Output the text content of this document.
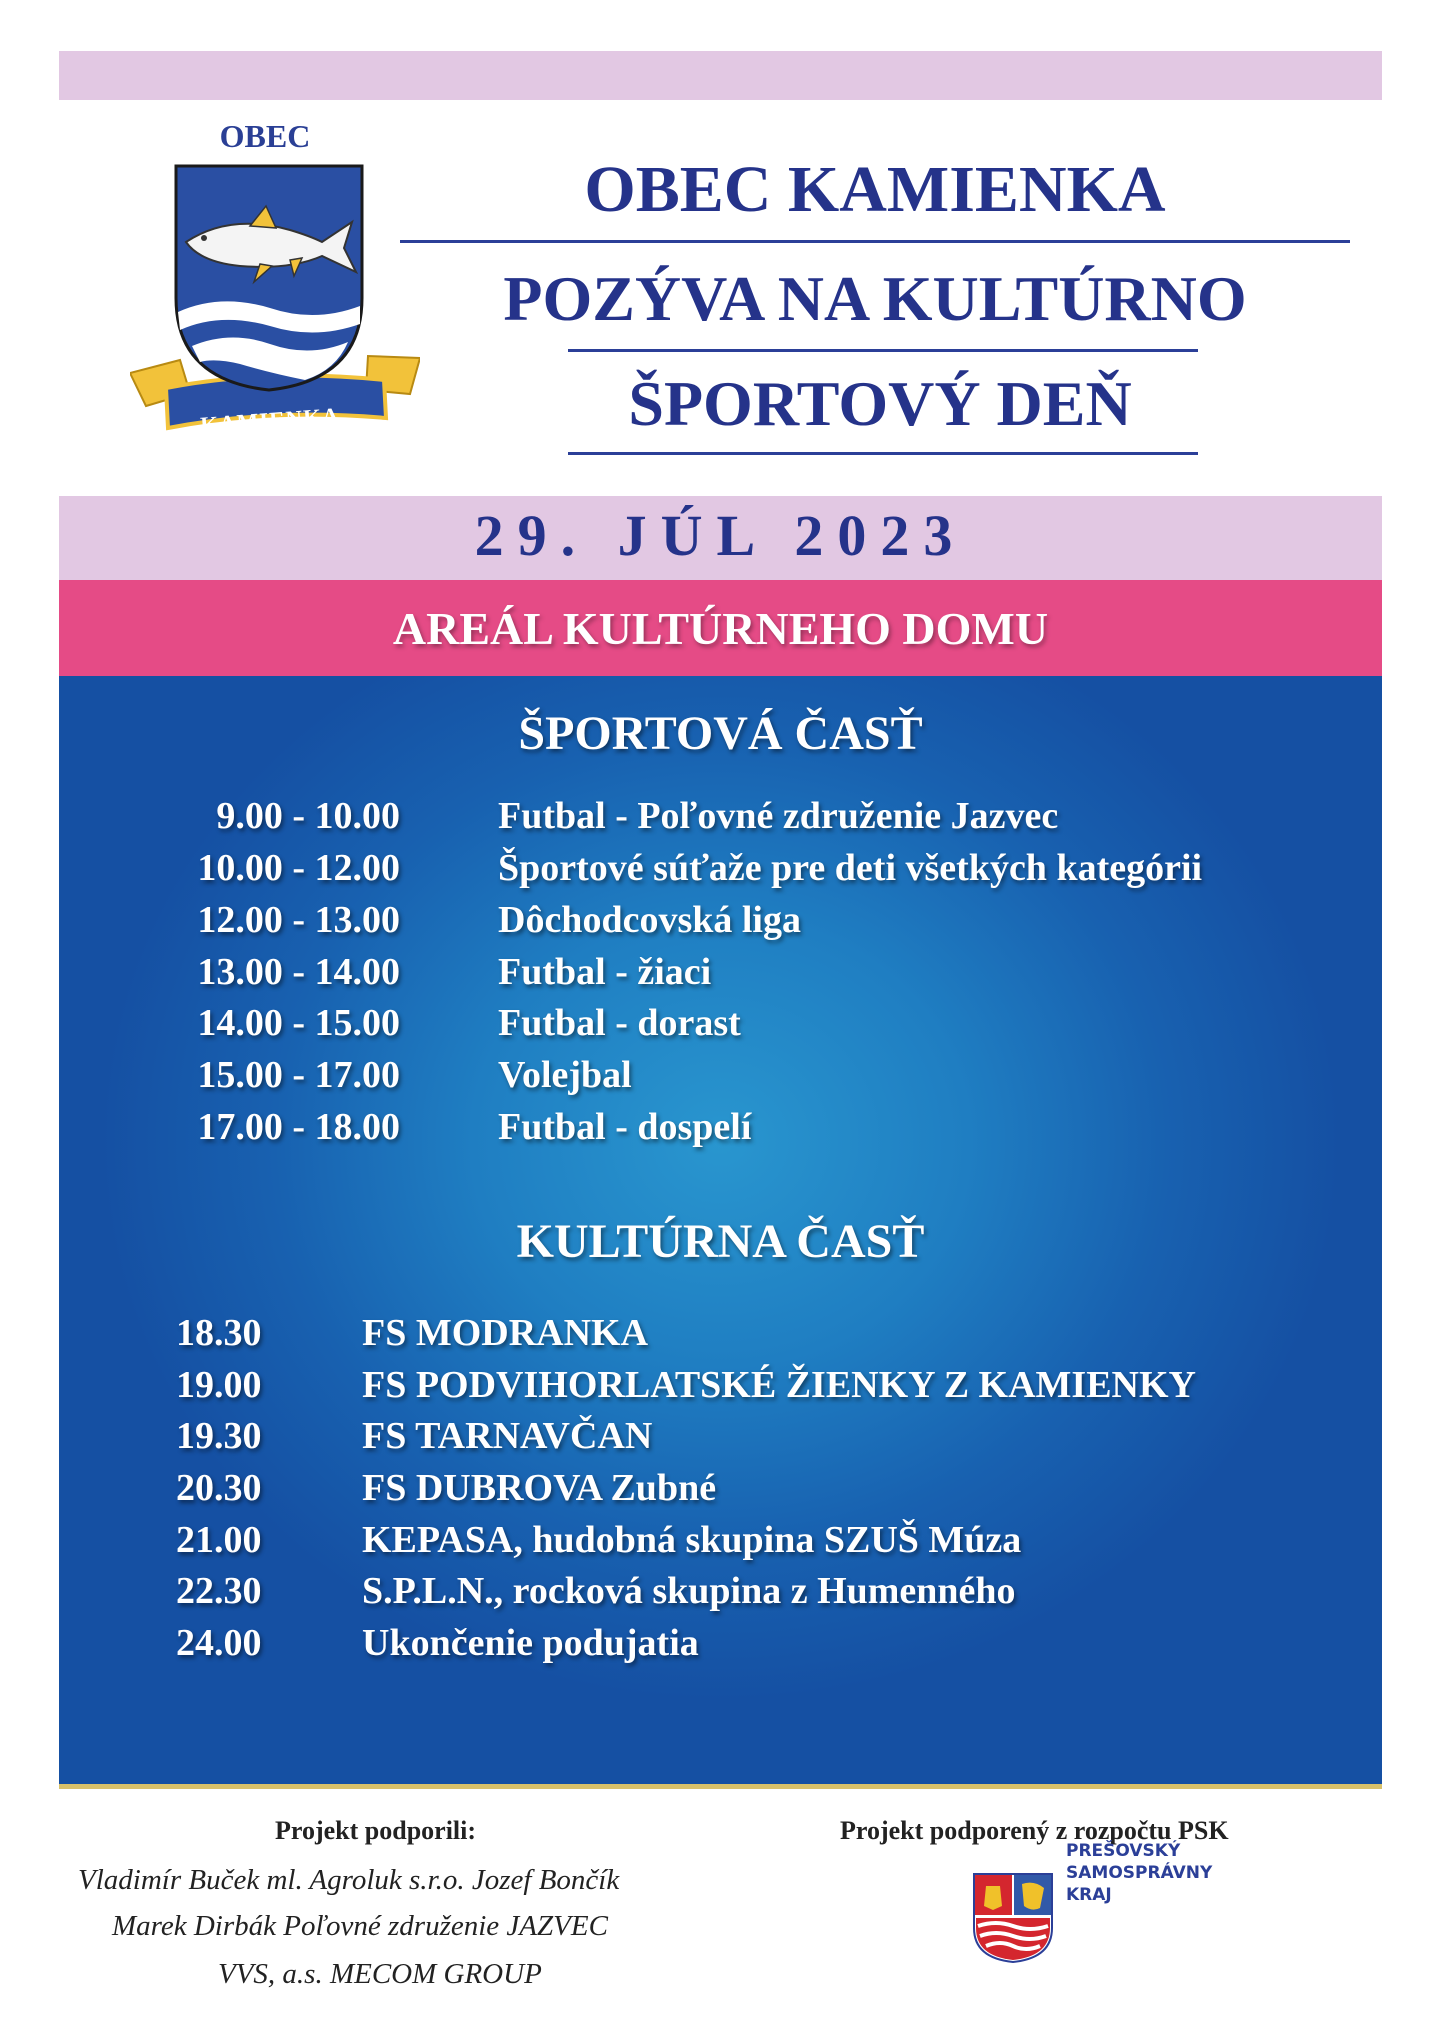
OBEC
KAMIENKA
OBEC KAMIENKA
POZÝVA NA KULTÚRNO
ŠPORTOVÝ DEŇ
29. JÚL 2023
AREÁL KULTÚRNEHO DOMU
ŠPORTOVÁ ČASŤ
9.00 - 10.00	Futbal - Poľovné združenie Jazvec
10.00 - 12.00	Športové súťaže pre deti všetkých kategórii
12.00 - 13.00	Dôchodcovská liga
13.00 - 14.00	Futbal - žiaci
14.00 - 15.00	Futbal - dorast
15.00 - 17.00	Volejbal
17.00 - 18.00	Futbal - dospelí
KULTÚRNA ČASŤ
18.30	FS MODRANKA
19.00	FS PODVIHORLATSKÉ ŽIENKY Z KAMIENKY
19.30	FS TARNAVČAN
20.30	FS DUBROVA Zubné
21.00	KEPASA, hudobná skupina SZUŠ Múza
22.30	S.P.L.N., rocková skupina z Humenného
24.00	Ukončenie podujatia
Projekt podporili:
Vladimír Buček ml. Agroluk s.r.o. Jozef Bončík
Marek Dirbák Poľovné združenie JAZVEC
VVS, a.s. MECOM GROUP
Projekt podporený z rozpočtu PSK
PREŠOVSKÝ
SAMOSPRÁVNY
KRAJ
